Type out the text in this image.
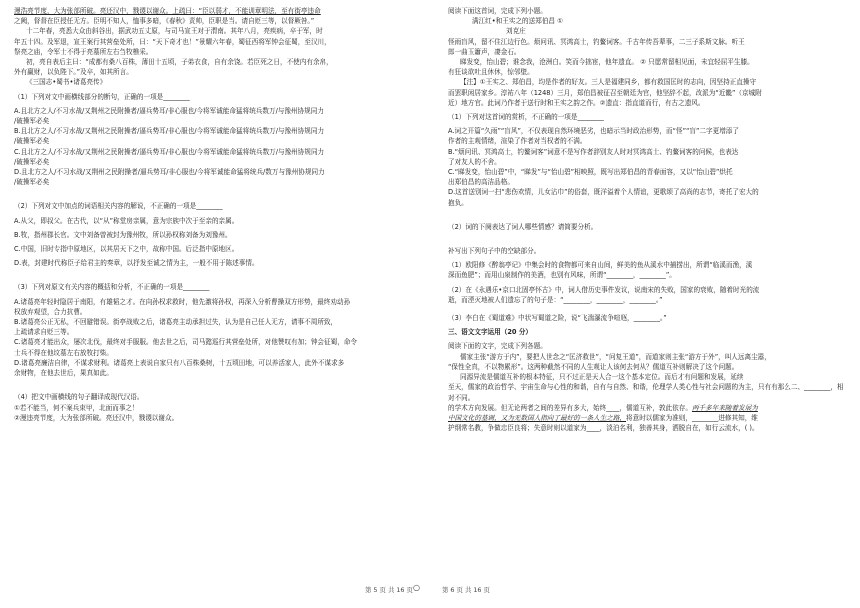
漫浩亮节度，大为张郃所破。亮还汉中，戮谡以谢众。上疏曰：“臣以弱才，不能训章明法，至有街亭违命

之阙，督督在臣授任无方。臣明不知人，恤事多暗，《春秋》责帅，臣职是当。请自贬三等，以督厥咎。”

十二年春，亮悉大众由斜谷出，据武功五丈原，与司马宣王对于渭南。其年八月，亮疾病，卒于军，时

年五十四。及军退，宣王案行其营垒处所，曰：“天下奇才也！”景耀六年春，蜀征西将军钟会征蜀，至汉川，

祭亮之庙，令军士不得于亮墓所左右刍牧樵采。

初，亮自表后主曰：“成都有桑八百株，薄田十五顷，子弟衣食，自有余饶。若臣死之日，不使内有余帛，

外有赢财，以负陛下。”及卒，如其所言。

《三国志•蜀书•诸葛亮传》

（1）下列对文中画横线部分的断句，正确的一项是________

A.且北方之人/不习水战/又荆州之民附操者/逼兵势耳/非心服也/今将军诚能命猛将统兵数万/与豫州协规同力

/破操军必矣

B.且北方之人/不习水战/又荆州之民附操者/逼兵势耳/非心服也/今将军诚能命猛将统兵数万/与豫州协规同力

/破操军必矣

C.且北方之人/不习水战/又荆州之民附操者/逼兵势耳/非心服也/今将军诚能命猛将统兵数万/与豫州协规同力

/破操军必矣

D.且北方之人/不习水战/又荆州之民附操者/逼兵势耳/非心服也/今将军诚能命猛将统兵/数万与豫州协规同力

/破操军必矣

（2）下列对文中加点的词语相关内容的解说，不正确的一项是________

A.从父，即叔父。在古代，以“从”称堂房亲属，意为宗族中次于至亲的亲属。

B.牧，指州郡长官。文中刘备曾被封为豫州牧，所以孙权称刘备为刘豫州。

C.中国，旧时专指中原地区，以其居天下之中，故称中国。后泛指中原地区。

D.表，封建时代称臣子给君主的奏章，以抒发至诚之情为主，一般不用于陈述事情。

（3）下列对原文有关内容的概括和分析，不正确的一项是________

A.诸葛亮年轻时隐居于南阳，有雄韬之才。在向孙权求救时，他先激将孙权，再深入分析曹操双方形势，最终劝动孙

权放弃观望，合力抗曹。

B.诸葛亮公正无私，不回避错误。街亭战败之后，诸葛亮主动承担过失，认为是自己任人无方，请事不周所致，

上疏请求自贬三等。

C.诸葛亮才能出众，屡次北伐，最终对手服服。他去世之后，司马懿巡行其营垒处所，对他赞叹有加；钟会征蜀，命令

士兵不得在他坟墓左右放牧打柴。

D.诸葛亮廉洁自律，不谋求财利。诸葛亮上表说自家只有八百株桑树，十五顷田地，可以养活家人，此外不谋求多

余财物，在他去世后，果真如此。

（4）把文中画横线的句子翻译成现代汉语。

①若不能当，何不案兵束甲，北面而事之！

②漫违亮节度，大为张郃所破。亮还汉中，戮谡以谢众。

阅读下面这首词，完成下列小题。

满江红•和王实之的送郑伯昌 ①

刘克庄

怪雨盲风，留不住江边行色。烦问讯、冥鸿高士，钓鳌词客。千古年传吾辈事，二三子系斯文脉。听王

郎一曲玉簫声，凄金石。

睇发变，怡山碧；谁念我，沧洲白。笑而今拙宦，他年遗直。 ② 只愿常留相见面，未宜轻屈平生膝。

有狂谈欲吐且休休，惊邻壁。

【注】①王实之、郑伯昌，均是作者的好友。三人是福建同乡，都有救国匡时的志向，因坚持正直操守

而罢职闲居家乡。淳祐八年（1248）三月，郑伯昌被征召至朝廷为官，他坚辞不起，改派为“近畿”（京城附

近）地方官。此词乃作者于送行时和王实之韵之作。②遗直：指直道而行，有古之遗风。

（1）下列对这首词的赏析，不正确的一项是________

A.词之开篇“久雨”“盲风”，不仅表现自然环境恶劣，也暗示当时政治形势，而“怪”“盲”二字更增添了

作者的主观情绪，渲染了作者对当权者的不满。

B.“烦问讯、冥鸿高士，钓鳌词客”词意不是写作者辞别友人时对冥鸿高士、钓鳌词客的问候，也表达

了对友人的不舍。

C.“睇发变，怡山碧”中，“睇发”与“怡山碧”相映照，既写出郑伯昌的青春面容，又以“怡山碧”烘托

出郑伯昌的高洁品格。

D.这首送别词一扫“悲伤欢情，儿女沾巾”的俗套，既洋溢着个人情谊，更歌颂了高尚的志节，寄托了宏大的

抱负。

（2）词的下阕表达了词人哪些情感？请简要分析。

补写出下列句子中的空缺部分。

（1）欧阳修《醉翁亭记》中集会时的食物都可来自山间，鲜美的鱼从溪水中捕捞出，所谓“临溪而渔，溪

深而鱼肥”；而用山泉制作的美酒，也别有风味，所谓“________，________”。

（2）在《永遇乐•京口北固亭怀古》中，词人借历史事件发议，说南宋的失败，国家的衰败，随着时光的流

逝，而湮灭地被人们遗忘了的句子是：“________，________，________。”

（3）李白在《蜀道难》中状写蜀道之险，说“飞湍瀑流争喧豗，________。”

三、语文文字运用（20 分）

阅读下面的文字，完成下列各题。

儒家主张“游方于内”，要把人世念之“匡济救世”，“问复王道”，而道家则主张“游方于外”，叫人远离尘嚣，

“保性全真，不以物累形”。这两种截然不同的人生观让人该何去何从？儒道互补则解决了这个问题。

同源异流是儒道互补的根本特征，只不过正是天人合一这个基本定位。而后才有问题和发展，延续

至天，儒家的政治哲学、宇宙生命与心性的和谐，自有与自然、和谐，伦理学人类心性与社会问题的为主，只有有那么二、________，相对不同。

的学术方向发展。但无论两者之间的差异有多大，始终____，儒道互补，敦此依存。两千多年来随着发展为

中国文化的基调，又为无数国人指向了最好的一条人生之路，将意时以儒家为准则，________进修其知，维

护纲常名教，争做忠臣良将；失意时则以道家为____，淡泊名利，独善其身，洒脱自在，如行云流水，( )。

第 5 页 共 16 页 ○	第 6 页 共 16 页
